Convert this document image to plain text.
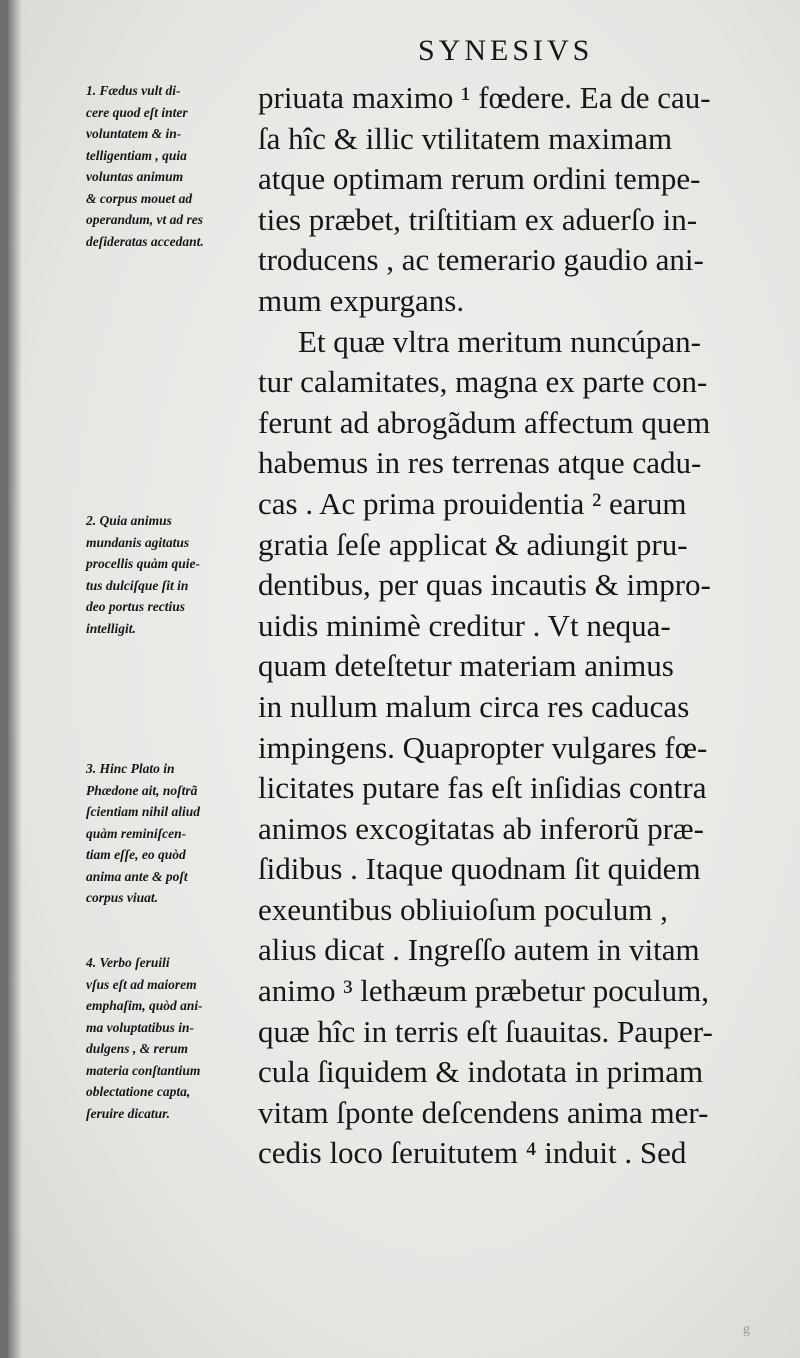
SYNESIVS
priuata maximo ¹ fœdere. Ea de cau-
ſa hîc & illic vtilitatem maximam
atque optimam rerum ordini tempe-
ties præbet, triſtitiam ex aduerſo in-
troducens , ac temerario gaudio ani-
mum expurgans.
Et quæ vltra meritum nuncúpan-
tur calamitates, magna ex parte con-
ferunt ad abrogãdum affectum quem
habemus in res terrenas atque cadu-
cas . Ac prima prouidentia ² earum
gratia ſeſe applicat & adiungit pru-
dentibus, per quas incautis & impro-
uidis minimè creditur . Vt nequa-
quam deteſtetur materiam animus
in nullum malum circa res caducas
impingens. Quapropter vulgares fœ-
licitates putare fas eſt inſidias contra
animos excogitatas ab inferorũ præ-
ſidibus . Itaque quodnam ſit quidem
exeuntibus obliuioſum poculum ,
alius dicat . Ingreſſo autem in vitam
animo ³ lethæum præbetur poculum,
quæ hîc in terris eſt ſuauitas. Pauper-
cula ſiquidem & indotata in primam
vitam ſponte deſcendens anima mer-
cedis loco ſeruitutem ⁴ induit . Sed
1. Fædus vult di-
cere quod eſt inter
voluntatem & in-
telligentiam , quia
voluntas animum
& corpus mouet ad
operandum, vt ad res
deſideratas accedant.
2. Quia animus
mundanis agitatus
procellis quàm quie-
tus dulciſque ſit in
deo portus rectius
intelligit.
3. Hinc Plato in
Phædone ait, noſtrã
ſcientiam nihil aliud
quàm reminiſcen-
tiam eſſe, eo quòd
anima ante & poſt
corpus viuat.
4. Verbo ſeruili
vſus eſt ad maiorem
emphaſim, quòd ani-
ma voluptatibus in-
dulgens , & rerum
materia conſtantium
oblectatione capta,
ſeruire dicatur.
g
